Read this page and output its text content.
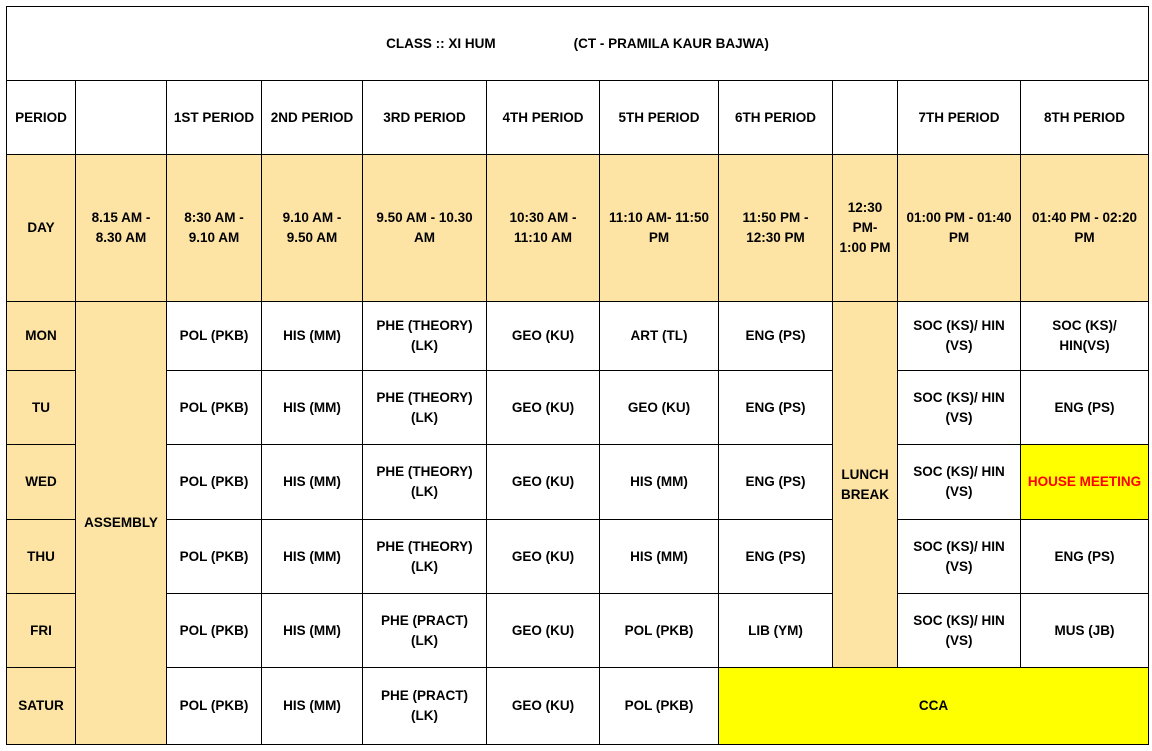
CLASS :: XI HUM (CT - PRAMILA KAUR BAJWA)										
PERIOD		1ST PERIOD	2ND PERIOD	3RD PERIOD	4TH PERIOD	5TH PERIOD	6TH PERIOD		7TH PERIOD	8TH PERIOD
DAY	8.15 AM - 8.30 AM	8:30 AM - 9.10 AM	9.10 AM - 9.50 AM	9.50 AM - 10.30 AM	10:30 AM - 11:10 AM	11:10 AM- 11:50 PM	11:50 PM - 12:30 PM	12:30 PM- 1:00 PM	01:00 PM - 01:40 PM	01:40 PM - 02:20 PM
MON	ASSEMBLY	POL (PKB)	HIS (MM)	PHE (THEORY) (LK)	GEO (KU)	ART (TL)	ENG (PS)	LUNCH BREAK	SOC (KS)/ HIN (VS)	SOC (KS)/ HIN(VS)
TU		POL (PKB)	HIS (MM)	PHE (THEORY) (LK)	GEO (KU)	GEO (KU)	ENG (PS)		SOC (KS)/ HIN (VS)	ENG (PS)
WED		POL (PKB)	HIS (MM)	PHE (THEORY) (LK)	GEO (KU)	HIS (MM)	ENG (PS)		SOC (KS)/ HIN (VS)	HOUSE MEETING
THU		POL (PKB)	HIS (MM)	PHE (THEORY) (LK)	GEO (KU)	HIS (MM)	ENG (PS)		SOC (KS)/ HIN (VS)	ENG (PS)
FRI		POL (PKB)	HIS (MM)	PHE (PRACT) (LK)	GEO (KU)	POL (PKB)	LIB (YM)		SOC (KS)/ HIN (VS)	MUS (JB)
SATUR		POL (PKB)	HIS (MM)	PHE (PRACT) (LK)	GEO (KU)	POL (PKB)	CCA			
